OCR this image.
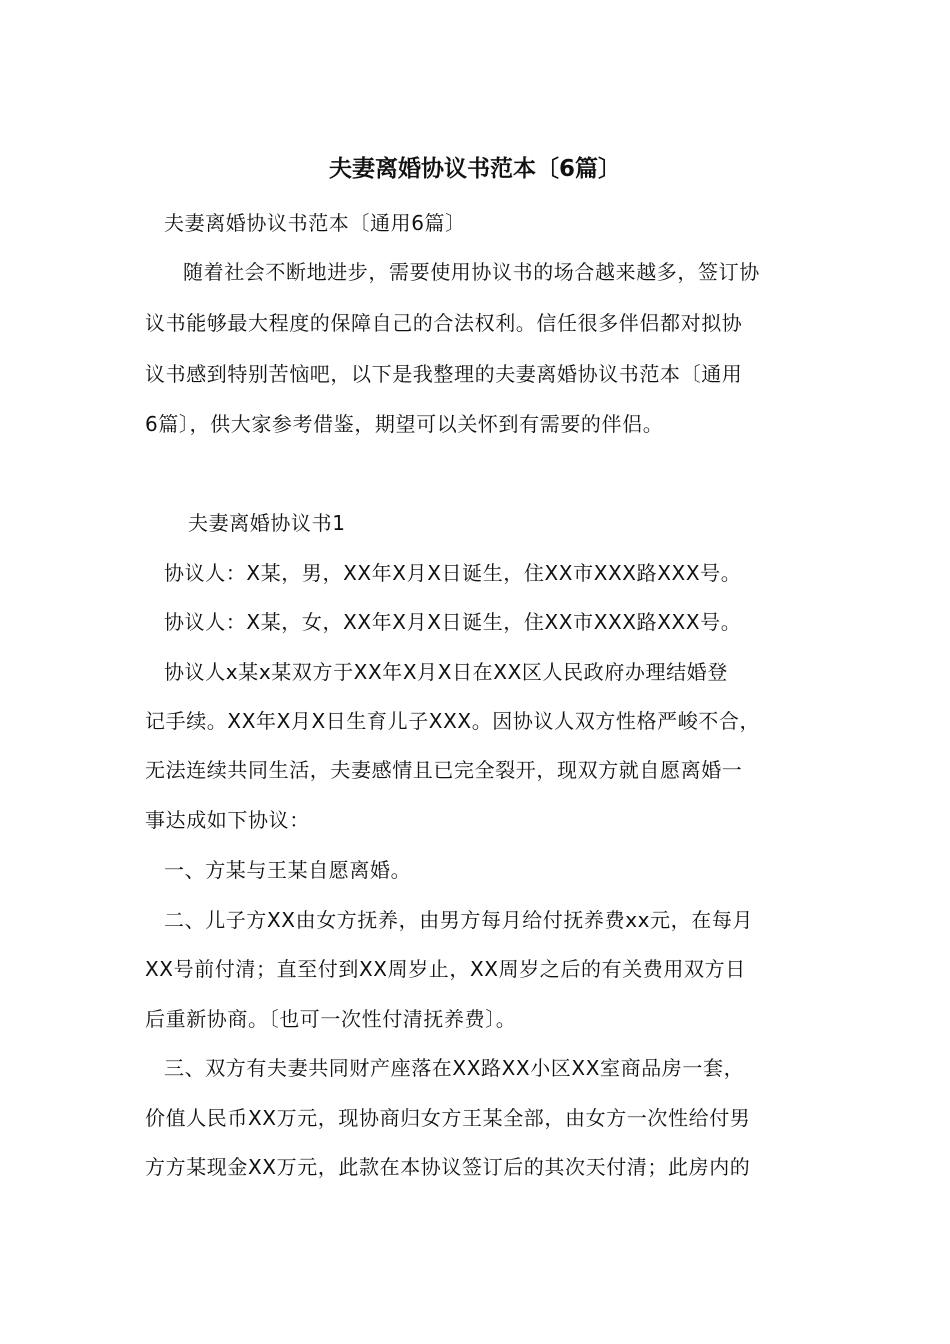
夫妻离婚协议书范本〔6篇〕
夫妻离婚协议书范本〔通用6篇〕
随着社会不断地进步，需要使用协议书的场合越来越多，签订协
议书能够最大程度的保障自己的合法权利。信任很多伴侣都对拟协
议书感到特别苦恼吧，以下是我整理的夫妻离婚协议书范本〔通用
6篇〕，供大家参考借鉴，期望可以关怀到有需要的伴侣。
夫妻离婚协议书1
协议人：X某，男，XX年X月X日诞生，住XX市XXX路XXX号。
协议人：X某，女，XX年X月X日诞生，住XX市XXX路XXX号。
协议人x某x某双方于XX年X月X日在XX区人民政府办理结婚登
记手续。XX年X月X日生育儿子XXX。因协议人双方性格严峻不合，
无法连续共同生活，夫妻感情且已完全裂开，现双方就自愿离婚一
事达成如下协议：
一、方某与王某自愿离婚。
二、儿子方XX由女方抚养，由男方每月给付抚养费xx元，在每月
XX号前付清；直至付到XX周岁止，XX周岁之后的有关费用双方日
后重新协商。〔也可一次性付清抚养费〕。
三、双方有夫妻共同财产座落在XX路XX小区XX室商品房一套，
价值人民币XX万元，现协商归女方王某全部，由女方一次性给付男
方方某现金XX万元，此款在本协议签订后的其次天付清；此房内的
